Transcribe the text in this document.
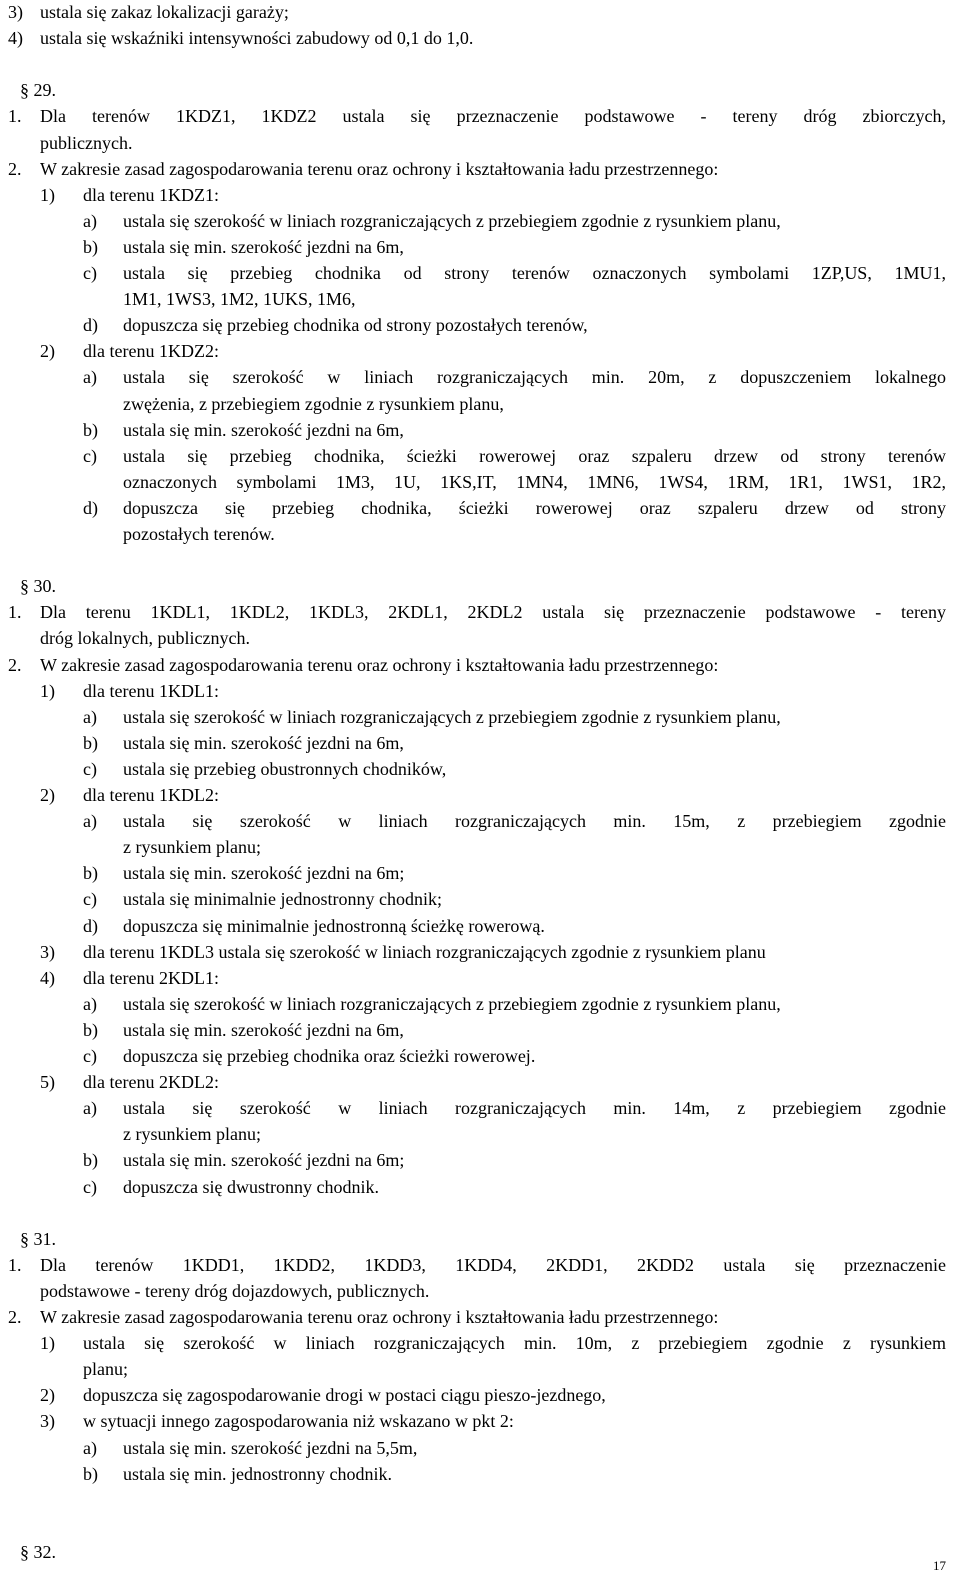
3) ustala się zakaz lokalizacji garaży;
4) ustala się wskaźniki intensywności zabudowy od 0,1 do 1,0.
§ 29.
1. Dla terenów 1KDZ1, 1KDZ2 ustala się przeznaczenie podstawowe - tereny dróg zbiorczych,
publicznych.
2. W zakresie zasad zagospodarowania terenu oraz ochrony i kształtowania ładu przestrzennego:
1) dla terenu 1KDZ1:
a) ustala się szerokość w liniach rozgraniczających z przebiegiem zgodnie z rysunkiem planu,
b) ustala się min. szerokość jezdni na 6m,
c) ustala się przebieg chodnika od strony terenów oznaczonych symbolami 1ZP,US, 1MU1,
1M1, 1WS3, 1M2, 1UKS, 1M6,
d) dopuszcza się przebieg chodnika od strony pozostałych terenów,
2) dla terenu 1KDZ2:
a) ustala się szerokość w liniach rozgraniczających min. 20m, z dopuszczeniem lokalnego
zwężenia, z przebiegiem zgodnie z rysunkiem planu,
b) ustala się min. szerokość jezdni na 6m,
c) ustala się przebieg chodnika, ścieżki rowerowej oraz szpaleru drzew od strony terenów
oznaczonych symbolami 1M3, 1U, 1KS,IT, 1MN4, 1MN6, 1WS4, 1RM, 1R1, 1WS1, 1R2,
d) dopuszcza się przebieg chodnika, ścieżki rowerowej oraz szpaleru drzew od strony
pozostałych terenów.
§ 30.
1. Dla terenu 1KDL1, 1KDL2, 1KDL3, 2KDL1, 2KDL2 ustala się przeznaczenie podstawowe - tereny
dróg lokalnych, publicznych.
2. W zakresie zasad zagospodarowania terenu oraz ochrony i kształtowania ładu przestrzennego:
1) dla terenu 1KDL1:
a) ustala się szerokość w liniach rozgraniczających z przebiegiem zgodnie z rysunkiem planu,
b) ustala się min. szerokość jezdni na 6m,
c) ustala się przebieg obustronnych chodników,
2) dla terenu 1KDL2:
a) ustala się szerokość w liniach rozgraniczających min. 15m, z przebiegiem zgodnie
z rysunkiem planu;
b) ustala się min. szerokość jezdni na 6m;
c) ustala się minimalnie jednostronny chodnik;
d) dopuszcza się minimalnie jednostronną ścieżkę rowerową.
3) dla terenu 1KDL3 ustala się szerokość w liniach rozgraniczających zgodnie z rysunkiem planu
4) dla terenu 2KDL1:
a) ustala się szerokość w liniach rozgraniczających z przebiegiem zgodnie z rysunkiem planu,
b) ustala się min. szerokość jezdni na 6m,
c) dopuszcza się przebieg chodnika oraz ścieżki rowerowej.
5) dla terenu 2KDL2:
a) ustala się szerokość w liniach rozgraniczających min. 14m, z przebiegiem zgodnie
z rysunkiem planu;
b) ustala się min. szerokość jezdni na 6m;
c) dopuszcza się dwustronny chodnik.
§ 31.
1. Dla terenów 1KDD1, 1KDD2, 1KDD3, 1KDD4, 2KDD1, 2KDD2 ustala się przeznaczenie
podstawowe - tereny dróg dojazdowych, publicznych.
2. W zakresie zasad zagospodarowania terenu oraz ochrony i kształtowania ładu przestrzennego:
1) ustala się szerokość w liniach rozgraniczających min. 10m, z przebiegiem zgodnie z rysunkiem
planu;
2) dopuszcza się zagospodarowanie drogi w postaci ciągu pieszo-jezdnego,
3) w sytuacji innego zagospodarowania niż wskazano w pkt 2:
a) ustala się min. szerokość jezdni na 5,5m,
b) ustala się min. jednostronny chodnik.
§ 32.
17
